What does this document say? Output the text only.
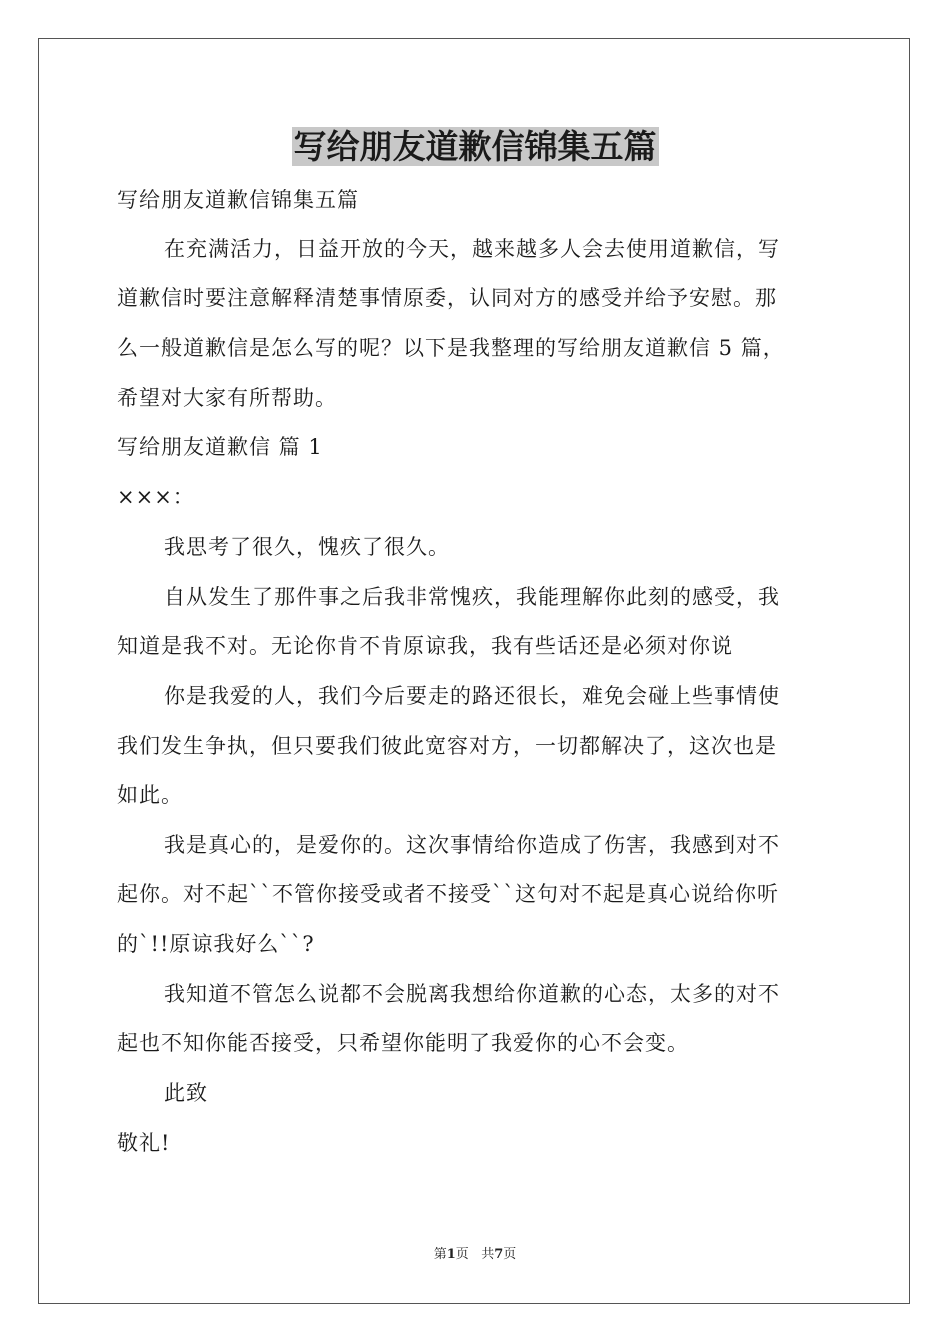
写给朋友道歉信锦集五篇
写给朋友道歉信锦集五篇
在充满活力，日益开放的今天，越来越多人会去使用道歉信，写
道歉信时要注意解释清楚事情原委，认同对方的感受并给予安慰。那
么一般道歉信是怎么写的呢？以下是我整理的写给朋友道歉信 5 篇，
希望对大家有所帮助。
写给朋友道歉信 篇 1
×××：
我思考了很久，愧疚了很久。
自从发生了那件事之后我非常愧疚，我能理解你此刻的感受，我
知道是我不对。无论你肯不肯原谅我，我有些话还是必须对你说
你是我爱的人，我们今后要走的路还很长，难免会碰上些事情使
我们发生争执，但只要我们彼此宽容对方，一切都解决了，这次也是
如此。
我是真心的，是爱你的。这次事情给你造成了伤害，我感到对不
起你。对不起``不管你接受或者不接受``这句对不起是真心说给你听
的`!!原谅我好么``?
我知道不管怎么说都不会脱离我想给你道歉的心态，太多的对不
起也不知你能否接受，只希望你能明了我爱你的心不会变。
此致
敬礼!
第1页 共7页
